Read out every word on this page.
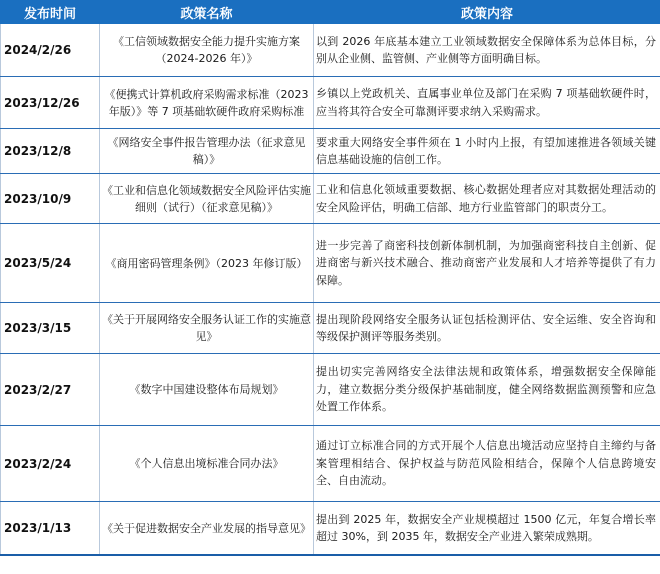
发布时间	政策名称	政策内容
2024/2/26	《工信领域数据安全能力提升实施方案（2024-2026 年）》	以到 2026 年底基本建立工业领域数据安全保障体系为总体目标，分别从企业侧、监管侧、产业侧等方面明确目标。
2023/12/26	《便携式计算机政府采购需求标准（2023 年版）》等 7 项基础软硬件政府采购标准	乡镇以上党政机关、直属事业单位及部门在采购 7 项基础软硬件时，应当将其符合安全可靠测评要求纳入采购需求。
2023/12/8	《网络安全事件报告管理办法（征求意见稿）》	要求重大网络安全事件须在 1 小时内上报，有望加速推进各领域关键信息基础设施的信创工作。
2023/10/9	《工业和信息化领域数据安全风险评估实施细则（试行）（征求意见稿）》	工业和信息化领域重要数据、核心数据处理者应对其数据处理活动的安全风险评估，明确工信部、地方行业监管部门的职责分工。
2023/5/24	《商用密码管理条例》（2023 年修订版）	进一步完善了商密科技创新体制机制，为加强商密科技自主创新、促进商密与新兴技术融合、推动商密产业发展和人才培养等提供了有力保障。
2023/3/15	《关于开展网络安全服务认证工作的实施意见》	提出现阶段网络安全服务认证包括检测评估、安全运维、安全咨询和等级保护测评等服务类别。
2023/2/27	《数字中国建设整体布局规划》	提出切实完善网络安全法律法规和政策体系，增强数据安全保障能力，建立数据分类分级保护基础制度，健全网络数据监测预警和应急处置工作体系。
2023/2/24	《个人信息出境标准合同办法》	通过订立标准合同的方式开展个人信息出境活动应坚持自主缔约与备案管理相结合、保护权益与防范风险相结合，保障个人信息跨境安全、自由流动。
2023/1/13	《关于促进数据安全产业发展的指导意见》	提出到 2025 年，数据安全产业规模超过 1500 亿元，年复合增长率超过 30%，到 2035 年，数据安全产业进入繁荣成熟期。
